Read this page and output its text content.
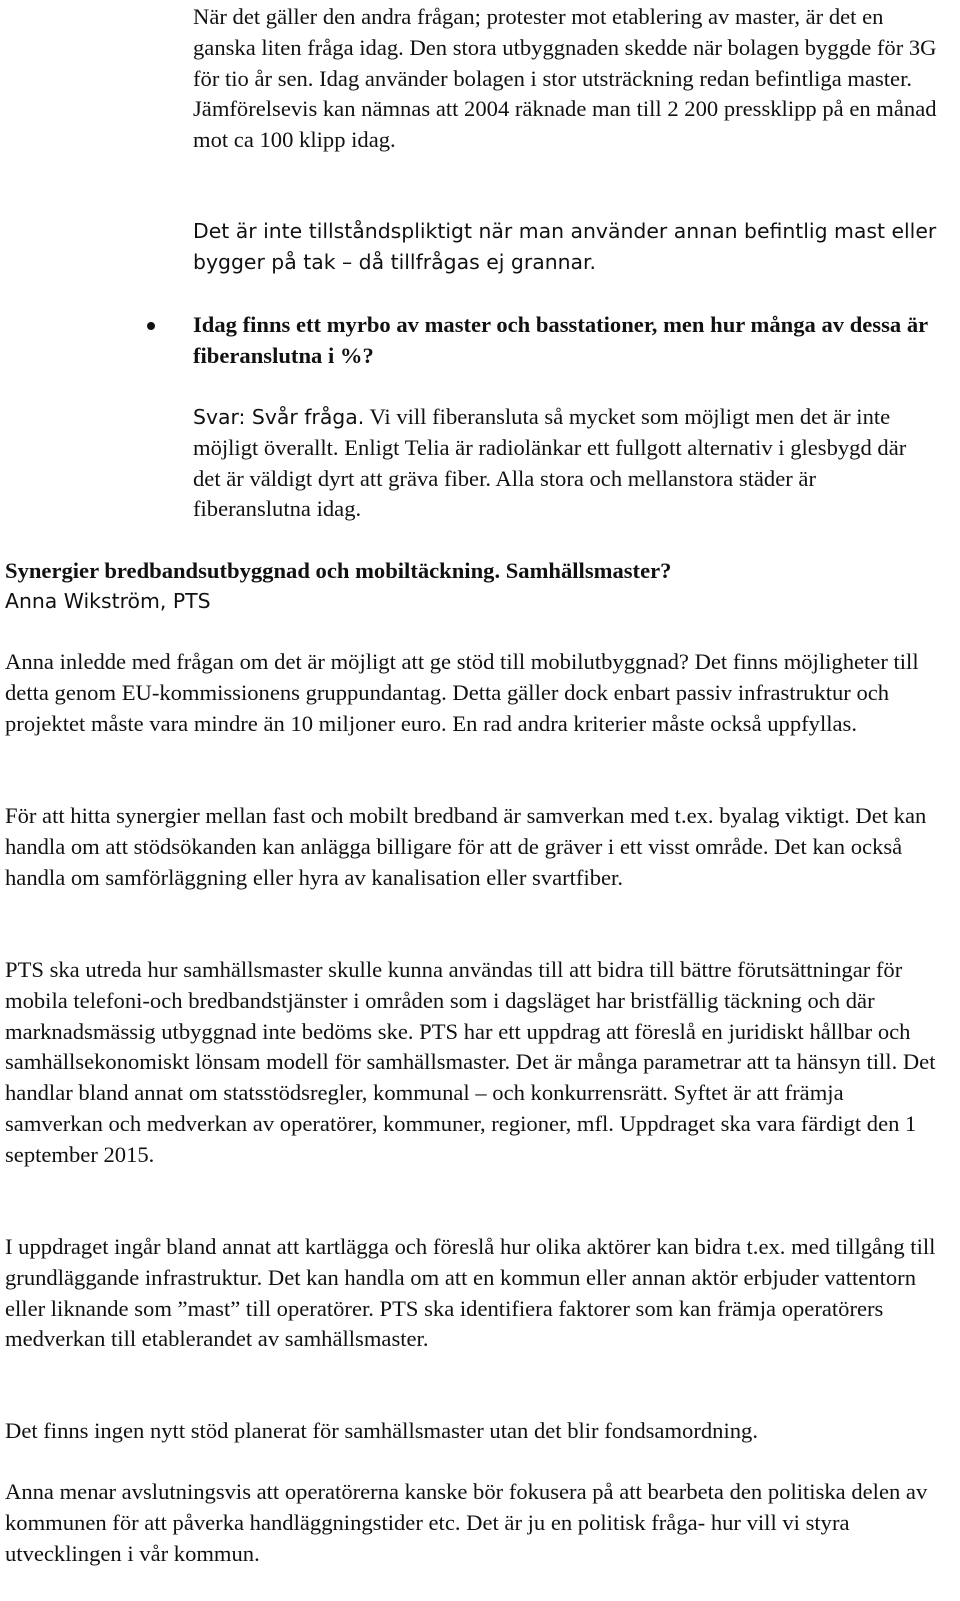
När det gäller den andra frågan; protester mot etablering av master, är det en ganska liten fråga idag. Den stora utbyggnaden skedde när bolagen byggde för 3G för tio år sen. Idag använder bolagen i stor utsträckning redan befintliga master. Jämförelsevis kan nämnas att 2004 räknade man till 2 200 pressklipp på en månad mot ca 100 klipp idag.

Det är inte tillståndspliktigt när man använder annan befintlig mast eller bygger på tak – då tillfrågas ej grannar.

Idag finns ett myrbo av master och basstationer, men hur många av dessa är fiberanslutna i %?

Svar: Svår fråga. Vi vill fiberansluta så mycket som möjligt men det är inte möjligt överallt. Enligt Telia är radiolänkar ett fullgott alternativ i glesbygd där det är väldigt dyrt att gräva fiber. Alla stora och mellanstora städer är fiberanslutna idag.

Synergier bredbandsutbyggnad och mobiltäckning. Samhällsmaster?

Anna Wikström, PTS

Anna inledde med frågan om det är möjligt att ge stöd till mobilutbyggnad? Det finns möjligheter till detta genom EU-kommissionens gruppundantag. Detta gäller dock enbart passiv infrastruktur och projektet måste vara mindre än 10 miljoner euro. En rad andra kriterier måste också uppfyllas.

För att hitta synergier mellan fast och mobilt bredband är samverkan med t.ex. byalag viktigt. Det kan handla om att stödsökanden kan anlägga billigare för att de gräver i ett visst område. Det kan också handla om samförläggning eller hyra av kanalisation eller svartfiber.

PTS ska utreda hur samhällsmaster skulle kunna användas till att bidra till bättre förutsättningar för mobila telefoni-och bredbandstjänster i områden som i dagsläget har bristfällig täckning och där marknadsmässig utbyggnad inte bedöms ske. PTS har ett uppdrag att föreslå en juridiskt hållbar och samhällsekonomiskt lönsam modell för samhällsmaster. Det är många parametrar att ta hänsyn till. Det handlar bland annat om statsstödsregler, kommunal – och konkurrensrätt. Syftet är att främja samverkan och medverkan av operatörer, kommuner, regioner, mfl. Uppdraget ska vara färdigt den 1 september 2015.

I uppdraget ingår bland annat att kartlägga och föreslå hur olika aktörer kan bidra t.ex. med tillgång till grundläggande infrastruktur. Det kan handla om att en kommun eller annan aktör erbjuder vattentorn eller liknande som ”mast” till operatörer. PTS ska identifiera faktorer som kan främja operatörers medverkan till etablerandet av samhällsmaster.

Det finns ingen nytt stöd planerat för samhällsmaster utan det blir fondsamordning.

Anna menar avslutningsvis att operatörerna kanske bör fokusera på att bearbeta den politiska delen av kommunen för att påverka handläggningstider etc. Det är ju en politisk fråga- hur vill vi styra utvecklingen i vår kommun.
